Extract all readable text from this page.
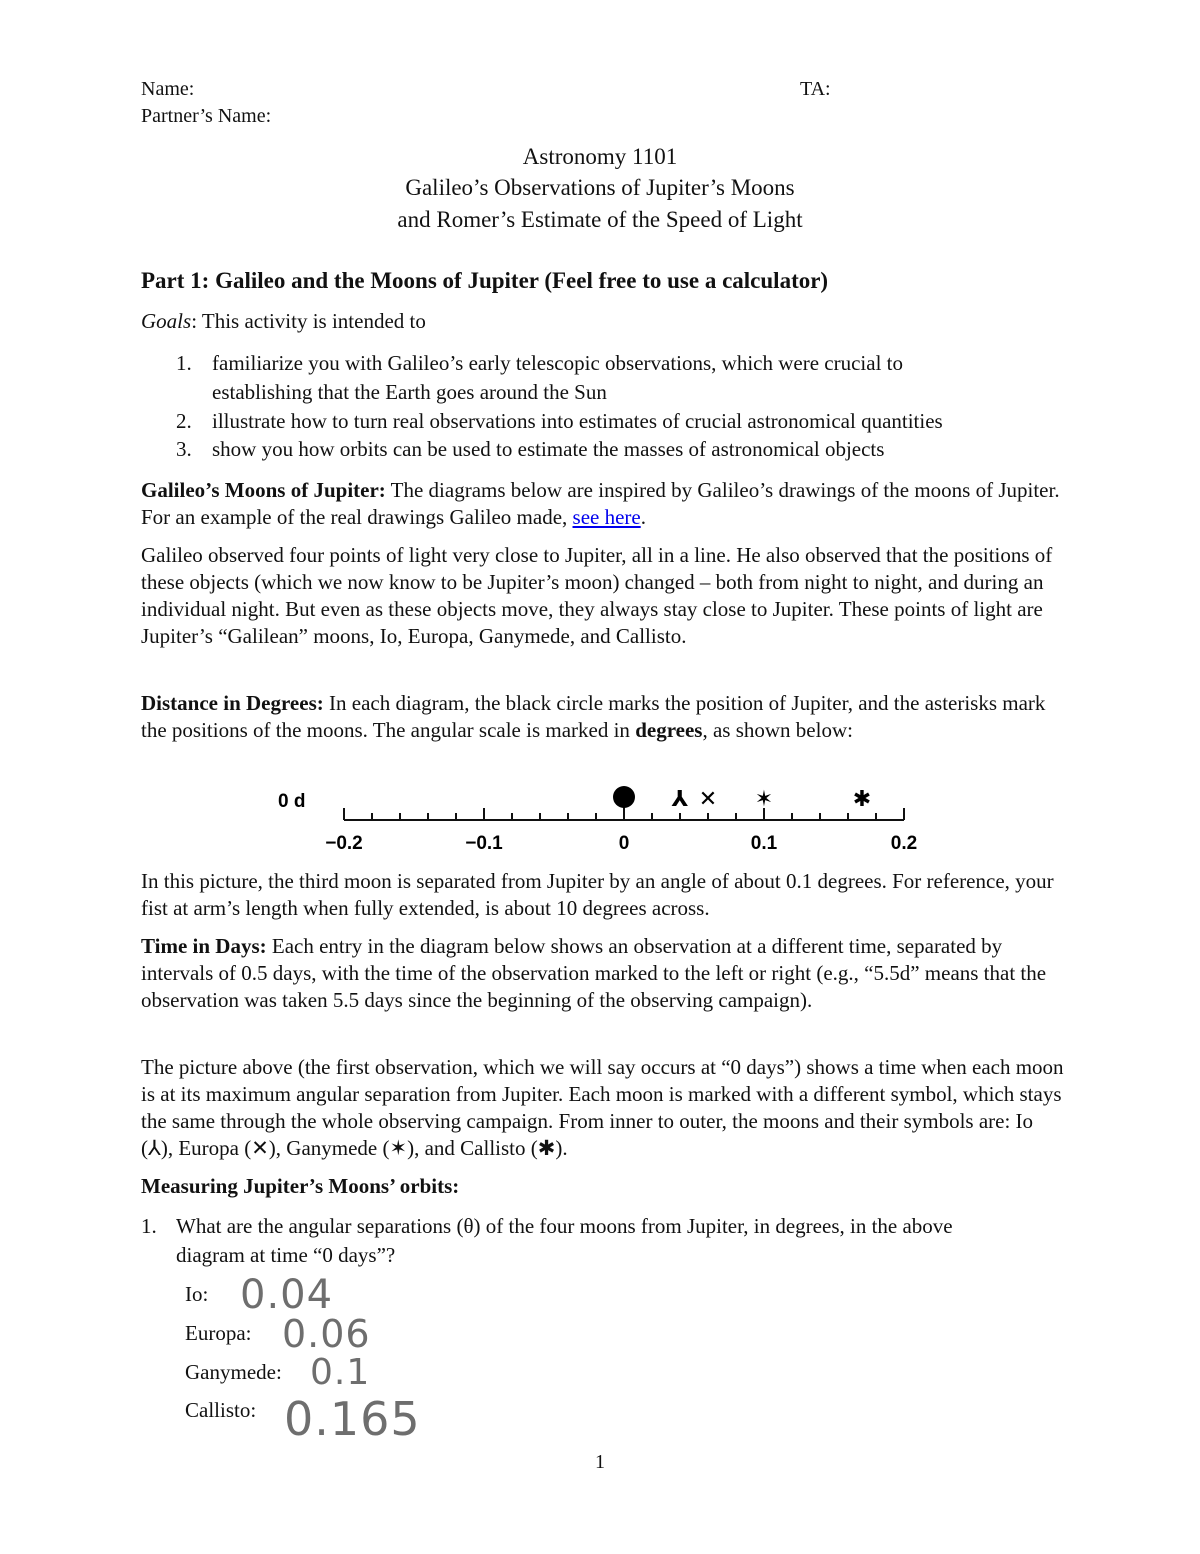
Name:	TA:
Partner’s Name:
Astronomy 1101
Galileo’s Observations of Jupiter’s Moons
and Romer’s Estimate of the Speed of Light
Part 1: Galileo and the Moons of Jupiter (Feel free to use a calculator)
Goals: This activity is intended to
1. familiarize you with Galileo’s early telescopic observations, which were crucial to
establishing that the Earth goes around the Sun
2. illustrate how to turn real observations into estimates of crucial astronomical quantities
3. show you how orbits can be used to estimate the masses of astronomical objects

Galileo’s Moons of Jupiter: The diagrams below are inspired by Galileo’s drawings of the moons of Jupiter. For an example of the real drawings Galileo made, see here.

Galileo observed four points of light very close to Jupiter, all in a line. He also observed that the positions of these objects (which we now know to be Jupiter’s moon) changed – both from night to night, and during an individual night. But even as these objects move, they always stay close to Jupiter. These points of light are Jupiter’s “Galilean” moons, Io, Europa, Ganymede, and Callisto.

Distance in Degrees: In each diagram, the black circle marks the position of Jupiter, and the asterisks mark the positions of the moons. The angular scale is marked in degrees, as shown below:

0 d
−0.2	−0.1	0	0.1	0.2
⅄ ✕ ✶	✱

In this picture, the third moon is separated from Jupiter by an angle of about 0.1 degrees. For reference, your fist at arm’s length when fully extended, is about 10 degrees across.

Time in Days: Each entry in the diagram below shows an observation at a different time, separated by intervals of 0.5 days, with the time of the observation marked to the left or right (e.g., “5.5d” means that the observation was taken 5.5 days since the beginning of the observing campaign).

The picture above (the first observation, which we will say occurs at “0 days”) shows a time when each moon is at its maximum angular separation from Jupiter. Each moon is marked with a different symbol, which stays the same through the whole observing campaign. From inner to outer, the moons and their symbols are: Io (⅄), Europa (✕), Ganymede (✶), and Callisto (✱).

Measuring Jupiter’s Moons’ orbits:
1. What are the angular separations (θ) of the four moons from Jupiter, in degrees, in the above
diagram at time “0 days”?
Io: 0.04
Europa: 0.06
Ganymede: 0.1
Callisto: 0.165
1
